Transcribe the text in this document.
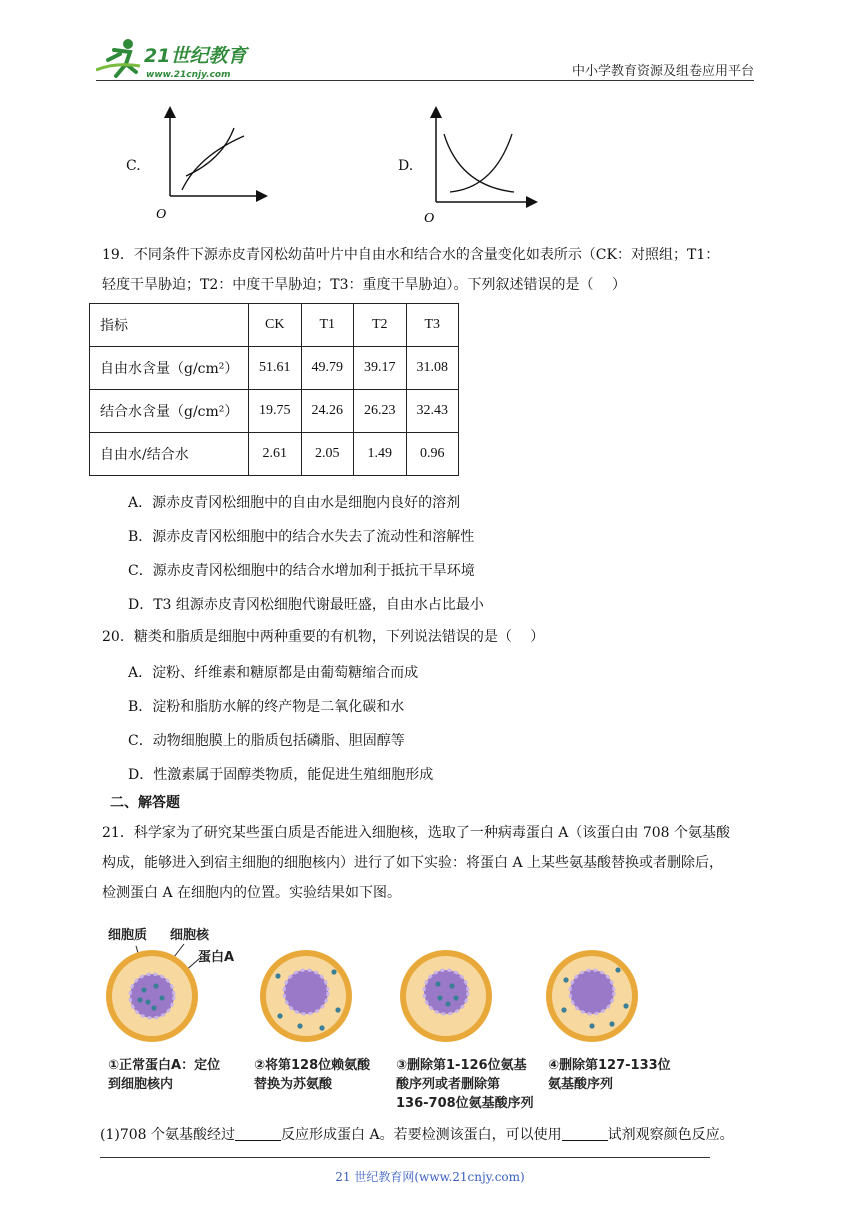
21世纪教育
www.21cnjy.com	中小学教育资源及组卷应用平台
C.
O
D.
O
19．不同条件下源赤皮青冈松幼苗叶片中自由水和结合水的含量变化如表所示（CK：对照组；T1：
轻度干旱胁迫；T2：中度干旱胁迫；T3：重度干旱胁迫）。下列叙述错误的是（　 ）
指标	CK	T1	T2	T3
自由水含量（g/cm²）	51.61	49.79	39.17	31.08
结合水含量（g/cm²）	19.75	24.26	26.23	32.43
自由水/结合水	2.61	2.05	1.49	0.96
A．源赤皮青冈松细胞中的自由水是细胞内良好的溶剂
B．源赤皮青冈松细胞中的结合水失去了流动性和溶解性
C．源赤皮青冈松细胞中的结合水增加利于抵抗干旱环境
D．T3 组源赤皮青冈松细胞代谢最旺盛，自由水占比最小
20．糖类和脂质是细胞中两种重要的有机物，下列说法错误的是（　 ）
A．淀粉、纤维素和糖原都是由葡萄糖缩合而成
B．淀粉和脂肪水解的终产物是二氧化碳和水
C．动物细胞膜上的脂质包括磷脂、胆固醇等
D．性激素属于固醇类物质，能促进生殖细胞形成
二、解答题
21．科学家为了研究某些蛋白质是否能进入细胞核，选取了一种病毒蛋白 A（该蛋白由 708 个氨基酸
构成，能够进入到宿主细胞的细胞核内）进行了如下实验：将蛋白 A 上某些氨基酸替换或者删除后，
检测蛋白 A 在细胞内的位置。实验结果如下图。
细胞质 细胞核
蛋白A
①正常蛋白A：定位
到细胞核内
②将第128位赖氨酸
替换为苏氨酸
③删除第1-126位氨基
酸序列或者删除第
136-708位氨基酸序列
④删除第127-133位
氨基酸序列
(1)708 个氨基酸经过	反应形成蛋白 A。若要检测该蛋白，可以使用	试剂观察颜色反应。
21 世纪教育网(www.21cnjy.com)
